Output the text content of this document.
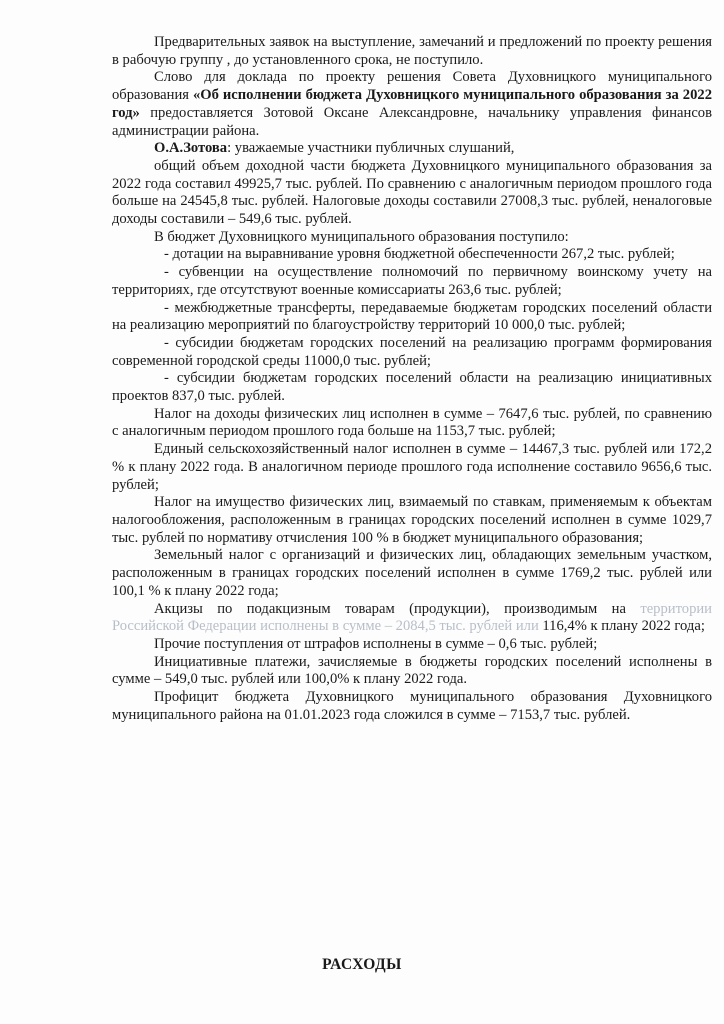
Предварительных заявок на выступление, замечаний и предложений по проекту решения в рабочую группу , до установленного срока, не поступило.

Слово для доклада по проекту решения Совета Духовницкого муниципального образования «Об исполнении бюджета Духовницкого муниципального образования за 2022 год» предоставляется Зотовой Оксане Александровне, начальнику управления финансов администрации района.

О.А.Зотова: уважаемые участники публичных слушаний,

общий объем доходной части бюджета Духовницкого муниципального образования за 2022 года составил 49925,7 тыс. рублей. По сравнению с аналогичным периодом прошлого года больше на 24545,8 тыс. рублей. Налоговые доходы составили 27008,3 тыс. рублей, неналоговые доходы составили – 549,6 тыс. рублей.

В бюджет Духовницкого муниципального образования поступило:

- дотации на выравнивание уровня бюджетной обеспеченности 267,2 тыс. рублей;

- субвенции на осуществление полномочий по первичному воинскому учету на территориях, где отсутствуют военные комиссариаты 263,6 тыс. рублей;

- межбюджетные трансферты, передаваемые бюджетам городских поселений области на реализацию мероприятий по благоустройству территорий 10 000,0 тыс. рублей;

- субсидии бюджетам городских поселений на реализацию программ формирования современной городской среды 11000,0 тыс. рублей;

- субсидии бюджетам городских поселений области на реализацию инициативных проектов 837,0 тыс. рублей.

Налог на доходы физических лиц исполнен в сумме – 7647,6 тыс. рублей, по сравнению с аналогичным периодом прошлого года больше на 1153,7 тыс. рублей;

Единый сельскохозяйственный налог исполнен в сумме – 14467,3 тыс. рублей или 172,2 % к плану 2022 года. В аналогичном периоде прошлого года исполнение составило 9656,6 тыс. рублей;

Налог на имущество физических лиц, взимаемый по ставкам, применяемым к объектам налогообложения, расположенным в границах городских поселений исполнен в сумме 1029,7 тыс. рублей по нормативу отчисления 100 % в бюджет муниципального образования;

Земельный налог с организаций и физических лиц, обладающих земельным участком, расположенным в границах городских поселений исполнен в сумме 1769,2 тыс. рублей или 100,1 % к плану 2022 года;

Акцизы по подакцизным товарам (продукции), производимым на территории Российской Федерации исполнены в сумме – 2084,5 тыс. рублей или 116,4% к плану 2022 года;

Прочие поступления от штрафов исполнены в сумме – 0,6 тыс. рублей;

Инициативные платежи, зачисляемые в бюджеты городских поселений исполнены в сумме – 549,0 тыс. рублей или 100,0% к плану 2022 года.

Профицит бюджета Духовницкого муниципального образования Духовницкого муниципального района на 01.01.2023 года сложился в сумме – 7153,7 тыс. рублей.

РАСХОДЫ
